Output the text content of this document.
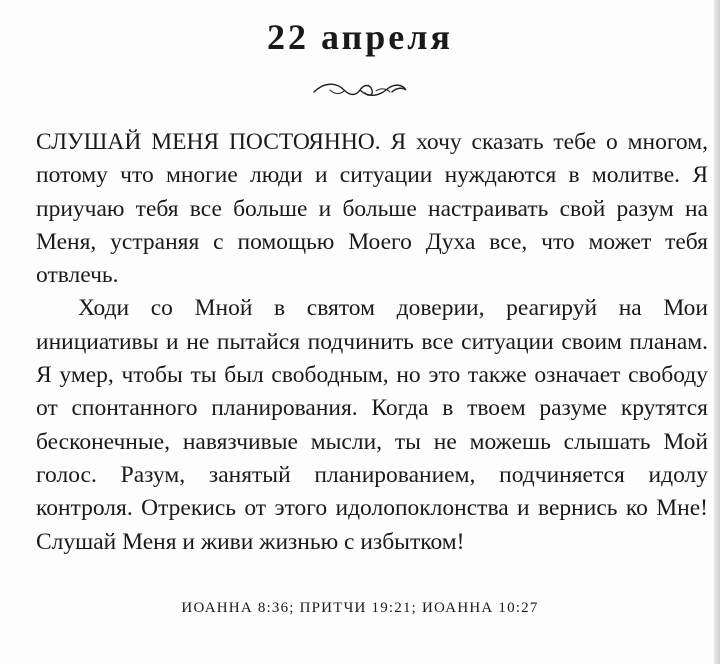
22 апреля

СЛУШАЙ МЕНЯ ПОСТОЯННО. Я хочу сказать тебе о многом, потому что многие люди и ситуации нуждаются в молитве. Я приучаю тебя все больше и больше настраивать свой разум на Меня, устраняя с помощью Моего Духа все, что может тебя отвлечь.

Ходи со Мной в святом доверии, реагируй на Мои инициативы и не пытайся подчинить все ситуации своим планам. Я умер, чтобы ты был свободным, но это также означает свободу от спонтанного планирования. Когда в твоем разуме крутятся бесконечные, навязчивые мысли, ты не можешь слышать Мой голос. Разум, занятый планированием, подчиняется идолу контроля. Отрекись от этого идолопоклонства и вернись ко Мне! Слушай Меня и живи жизнью с избытком!

ИОАННА 8:36; ПРИТЧИ 19:21; ИОАННА 10:27
